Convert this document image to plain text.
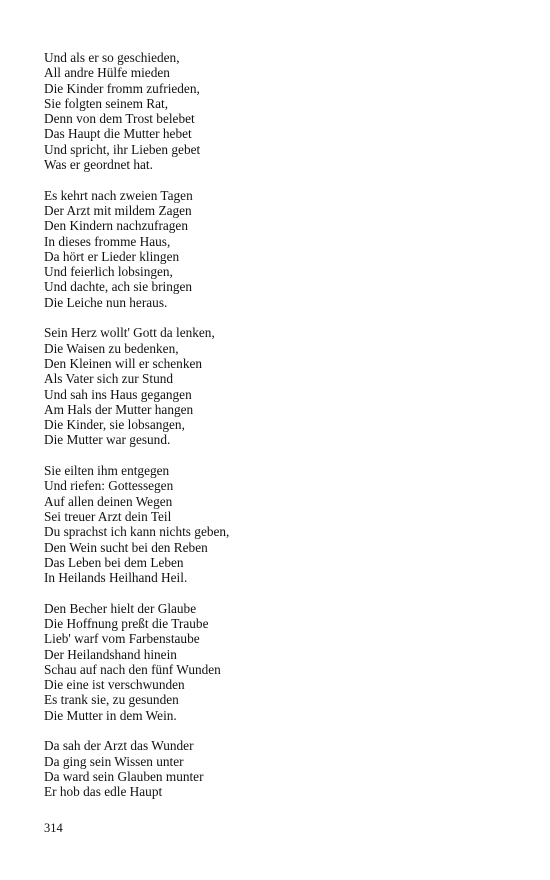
Und als er so geschieden,
All andre Hülfe mieden
Die Kinder fromm zufrieden,
Sie folgten seinem Rat,
Denn von dem Trost belebet
Das Haupt die Mutter hebet
Und spricht, ihr Lieben gebet
Was er geordnet hat.
Es kehrt nach zweien Tagen
Der Arzt mit mildem Zagen
Den Kindern nachzufragen
In dieses fromme Haus,
Da hört er Lieder klingen
Und feierlich lobsingen,
Und dachte, ach sie bringen
Die Leiche nun heraus.
Sein Herz wollt' Gott da lenken,
Die Waisen zu bedenken,
Den Kleinen will er schenken
Als Vater sich zur Stund
Und sah ins Haus gegangen
Am Hals der Mutter hangen
Die Kinder, sie lobsangen,
Die Mutter war gesund.
Sie eilten ihm entgegen
Und riefen: Gottessegen
Auf allen deinen Wegen
Sei treuer Arzt dein Teil
Du sprachst ich kann nichts geben,
Den Wein sucht bei den Reben
Das Leben bei dem Leben
In Heilands Heilhand Heil.
Den Becher hielt der Glaube
Die Hoffnung preßt die Traube
Lieb' warf vom Farbenstaube
Der Heilandshand hinein
Schau auf nach den fünf Wunden
Die eine ist verschwunden
Es trank sie, zu gesunden
Die Mutter in dem Wein.
Da sah der Arzt das Wunder
Da ging sein Wissen unter
Da ward sein Glauben munter
Er hob das edle Haupt
314
